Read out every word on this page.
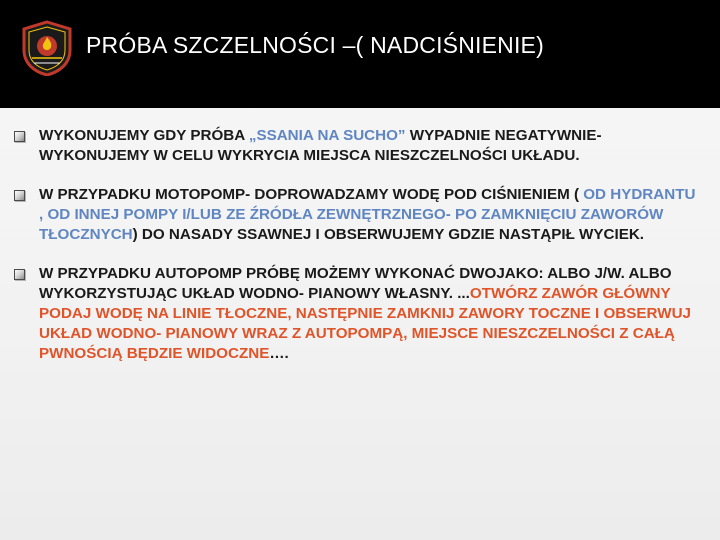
PRÓBA SZCZELNOŚCI –( NADCIŚNIENIE)
WYKONUJEMY GDY PRÓBA „SSANIA NA SUCHO” WYPADNIE NEGATYWNIE- WYKONUJEMY W CELU WYKRYCIA MIEJSCA NIESZCZELNOŚCI UKŁADU.
W PRZYPADKU MOTOPOMP- DOPROWADZAMY WODĘ POD CIŚNIENIEM ( OD HYDRANTU , OD INNEJ POMPY I/LUB ZE ŹRÓDŁA ZEWNĘTRZNEGO- PO ZAMKNIĘCIU ZAWORÓW TŁOCZNYCH) DO NASADY SSAWNEJ I OBSERWUJEMY GDZIE NASTĄPIŁ WYCIEK.
W PRZYPADKU AUTOPOMP PRÓBĘ MOŻEMY WYKONAĆ DWOJAKO: ALBO J/W. ALBO WYKORZYSTUJĄC UKŁAD WODNO- PIANOWY WŁASNY. ...OTWÓRZ ZAWÓR GŁÓWNY PODAJ WODĘ NA LINIE TŁOCZNE, NASTĘPNIE ZAMKNIJ ZAWORY TOCZNE I OBSERWUJ UKŁAD WODNO- PIANOWY WRAZ Z AUTOPOMPĄ, MIEJSCE NIESZCZELNOŚCI Z CAŁĄ PWNOŚCIĄ BĘDZIE WIDOCZNE….
